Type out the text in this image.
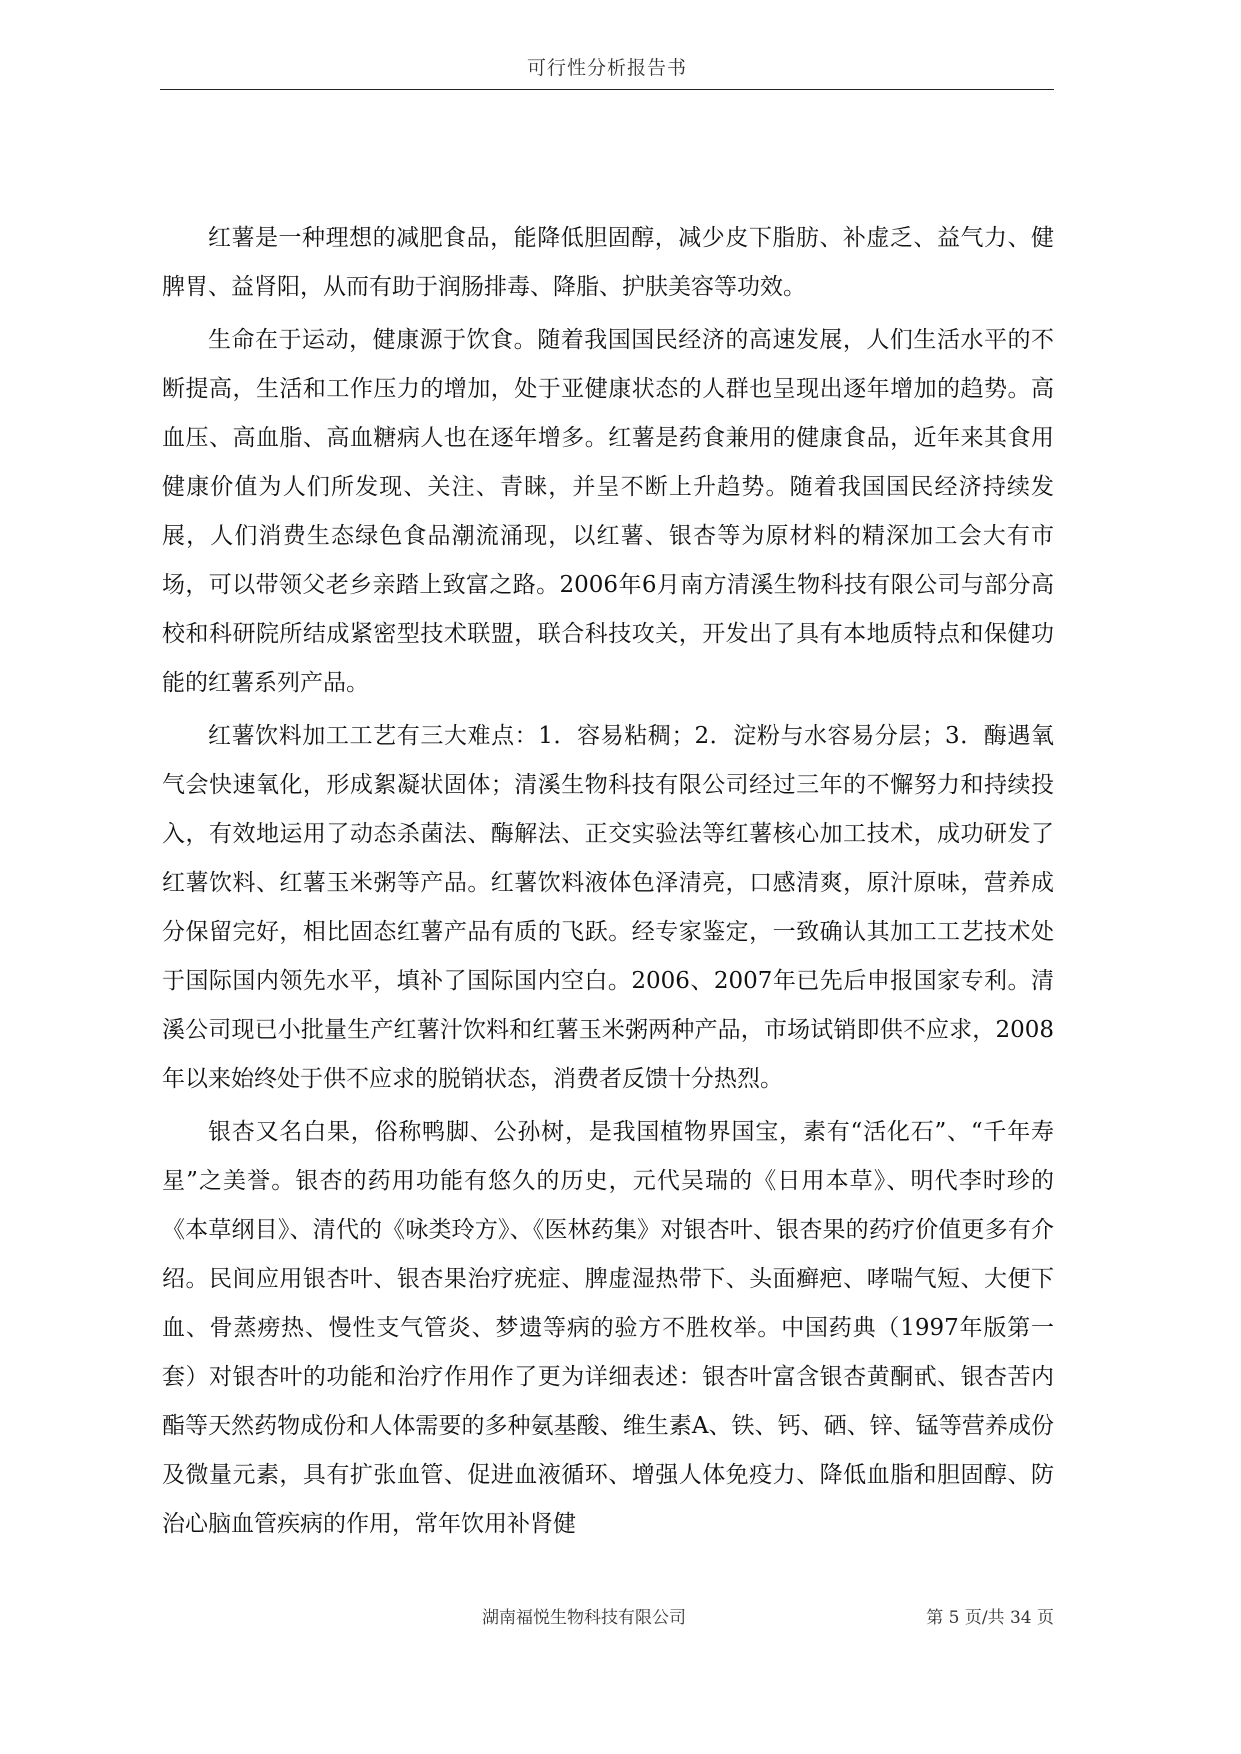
可行性分析报告书

红薯是一种理想的减肥食品，能降低胆固醇，减少皮下脂肪、补虚乏、益气力、健脾胃、益肾阳，从而有助于润肠排毒、降脂、护肤美容等功效。

生命在于运动，健康源于饮食。随着我国国民经济的高速发展，人们生活水平的不断提高，生活和工作压力的增加，处于亚健康状态的人群也呈现出逐年增加的趋势。高血压、高血脂、高血糖病人也在逐年增多。红薯是药食兼用的健康食品，近年来其食用健康价值为人们所发现、关注、青睐，并呈不断上升趋势。随着我国国民经济持续发展，人们消费生态绿色食品潮流涌现，以红薯、银杏等为原材料的精深加工会大有市场，可以带领父老乡亲踏上致富之路。2006年6月南方清溪生物科技有限公司与部分高校和科研院所结成紧密型技术联盟，联合科技攻关，开发出了具有本地质特点和保健功能的红薯系列产品。

红薯饮料加工工艺有三大难点：1．容易粘稠；2．淀粉与水容易分层；3．酶遇氧气会快速氧化，形成絮凝状固体；清溪生物科技有限公司经过三年的不懈努力和持续投入，有效地运用了动态杀菌法、酶解法、正交实验法等红薯核心加工技术，成功研发了红薯饮料、红薯玉米粥等产品。红薯饮料液体色泽清亮，口感清爽，原汁原味，营养成分保留完好，相比固态红薯产品有质的飞跃。经专家鉴定，一致确认其加工工艺技术处于国际国内领先水平，填补了国际国内空白。2006、2007年已先后申报国家专利。清溪公司现已小批量生产红薯汁饮料和红薯玉米粥两种产品，市场试销即供不应求，2008年以来始终处于供不应求的脱销状态，消费者反馈十分热烈。

银杏又名白果，俗称鸭脚、公孙树，是我国植物界国宝，素有“活化石”、“千年寿星”之美誉。银杏的药用功能有悠久的历史，元代吴瑞的《日用本草》、明代李时珍的《本草纲目》、清代的《咏类玲方》、《医林药集》对银杏叶、银杏果的药疗价值更多有介绍。民间应用银杏叶、银杏果治疗疣症、脾虚湿热带下、头面癣疤、哮喘气短、大便下血、骨蒸痨热、慢性支气管炎、梦遗等病的验方不胜枚举。中国药典（1997年版第一套）对银杏叶的功能和治疗作用作了更为详细表述：银杏叶富含银杏黄酮甙、银杏苦内酯等天然药物成份和人体需要的多种氨基酸、维生素A、铁、钙、硒、锌、锰等营养成份及微量元素，具有扩张血管、促进血液循环、增强人体免疫力、降低血脂和胆固醇、防治心脑血管疾病的作用，常年饮用补肾健

湖南福悦生物科技有限公司	第 5 页/共 34 页
